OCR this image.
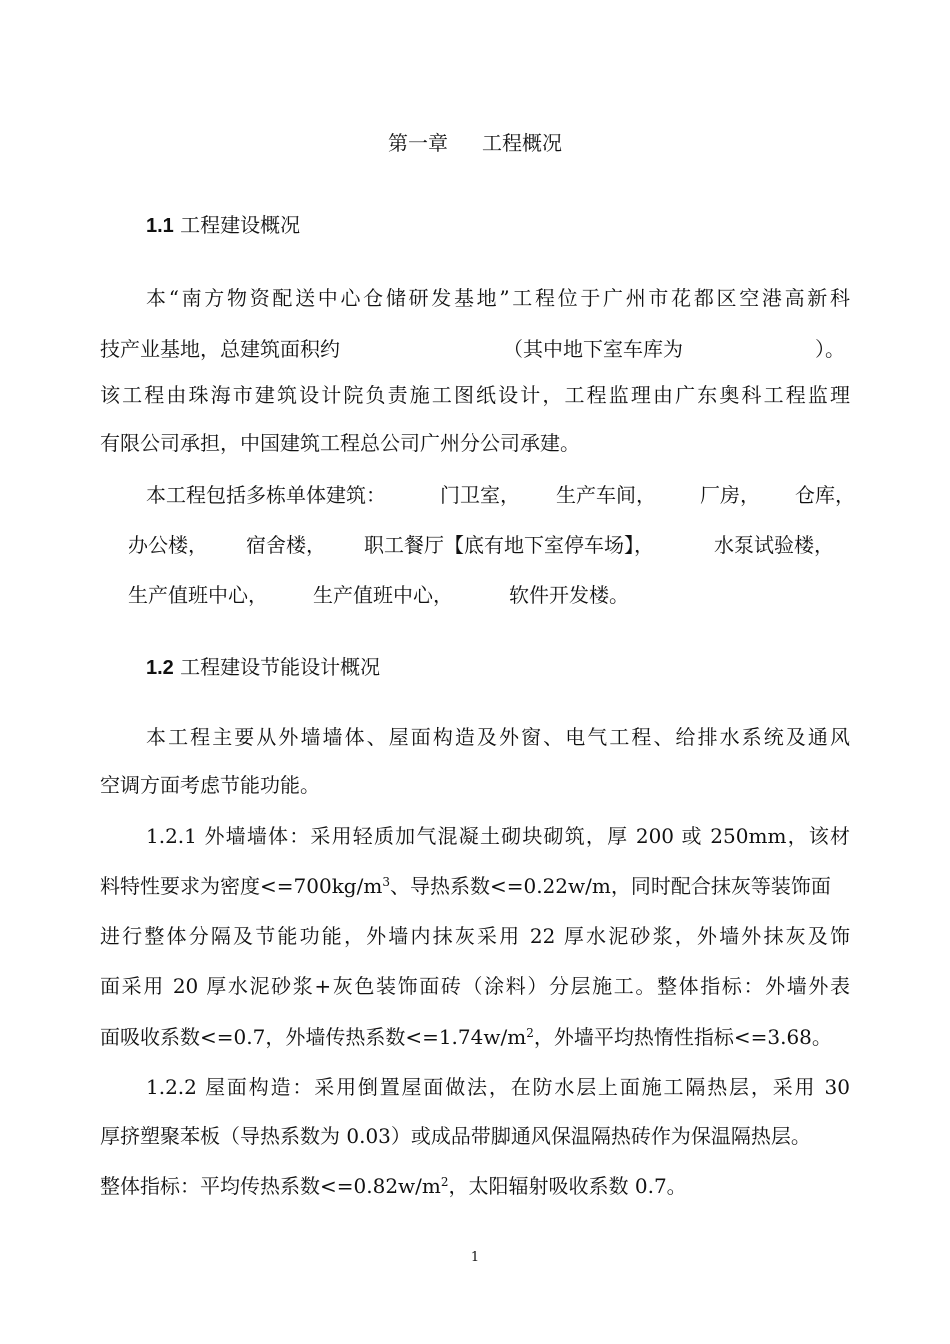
第一章 工程概况
1.1 工程建设概况
本“南方物资配送中心仓储研发基地”工程位于广州市花都区空港高新科
技产业基地，总建筑面积约	（其中地下室车库为	）。
该工程由珠海市建筑设计院负责施工图纸设计，工程监理由广东奥科工程监理
有限公司承担，中国建筑工程总公司广州分公司承建。
本工程包括多栋单体建筑：	门卫室， 生产车间， 厂房， 仓库，
办公楼， 宿舍楼， 职工餐厅【底有地下室停车场】，	水泵试验楼，
生产值班中心， 生产值班中心，	软件开发楼。
1.2 工程建设节能设计概况
本工程主要从外墙墙体、屋面构造及外窗、电气工程、给排水系统及通风
空调方面考虑节能功能。
1.2.1 外墙墙体：采用轻质加气混凝土砌块砌筑，厚 200 或 250mm，该材
料特性要求为密度$<=700kg/m^3$、导热系数<=0.22w/m，同时配合抹灰等装饰面
进行整体分隔及节能功能，外墙内抹灰采用 22 厚水泥砂浆，外墙外抹灰及饰
面采用 20 厚水泥砂浆+灰色装饰面砖（涂料）分层施工。整体指标：外墙外表
面吸收系数<=0.7，外墙传热系数$<=1.74w/m^2$，外墙平均热惰性指标<=3.68。
1.2.2 屋面构造：采用倒置屋面做法，在防水层上面施工隔热层，采用 30
厚挤塑聚苯板（导热系数为 0.03）或成品带脚通风保温隔热砖作为保温隔热层。
整体指标：平均传热系数$<=0.82w/m^2$，太阳辐射吸收系数 0.7。
1
